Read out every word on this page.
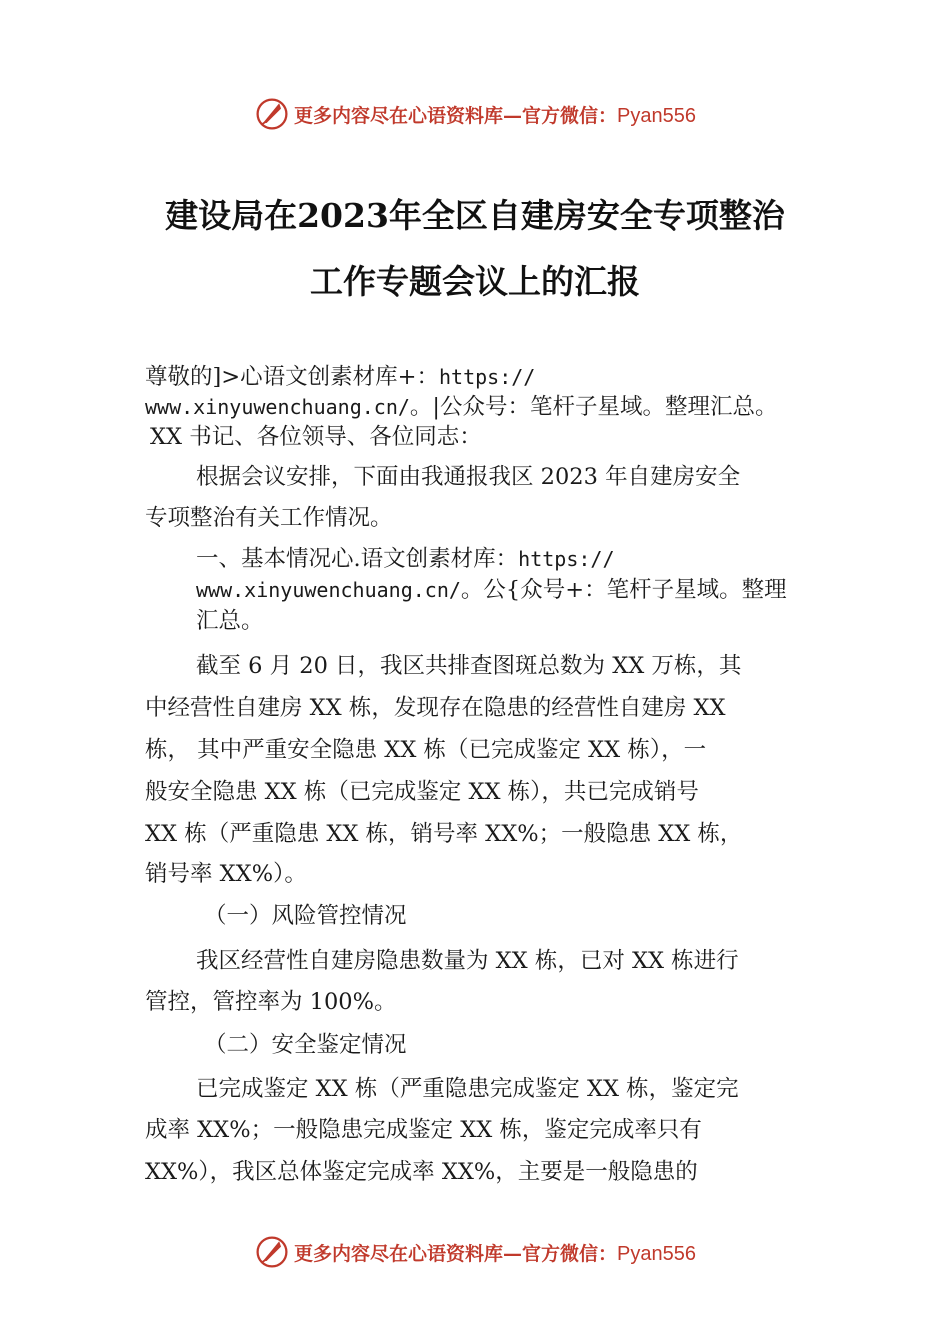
更多内容尽在心语资料库—官方微信：Pyan556
建设局在2023年全区自建房安全专项整治
工作专题会议上的汇报
尊敬的]>心语文创素材库+：https://
www.xinyuwenchuang.cn/。|公众号：笔杆子星域。整理汇总。
XX 书记、各位领导、各位同志：
根据会议安排，下面由我通报我区 2023 年自建房安全
专项整治有关工作情况。
一、基本情况心.语文创素材库：https://
www.xinyuwenchuang.cn/。公{众号+：笔杆子星域。整理
汇总。
截至 6 月 20 日，我区共排查图斑总数为 XX 万栋，其
中经营性自建房 XX 栋，发现存在隐患的经营性自建房 XX
栋， 其中严重安全隐患 XX 栋（已完成鉴定 XX 栋），一
般安全隐患 XX 栋（已完成鉴定 XX 栋），共已完成销号
XX 栋（严重隐患 XX 栋，销号率 XX%；一般隐患 XX 栋，
销号率 XX%）。
（一）风险管控情况
我区经营性自建房隐患数量为 XX 栋，已对 XX 栋进行
管控，管控率为 100%。
（二）安全鉴定情况
已完成鉴定 XX 栋（严重隐患完成鉴定 XX 栋，鉴定完
成率 XX%；一般隐患完成鉴定 XX 栋，鉴定完成率只有
XX%），我区总体鉴定完成率 XX%，主要是一般隐患的
更多内容尽在心语资料库—官方微信：Pyan556
